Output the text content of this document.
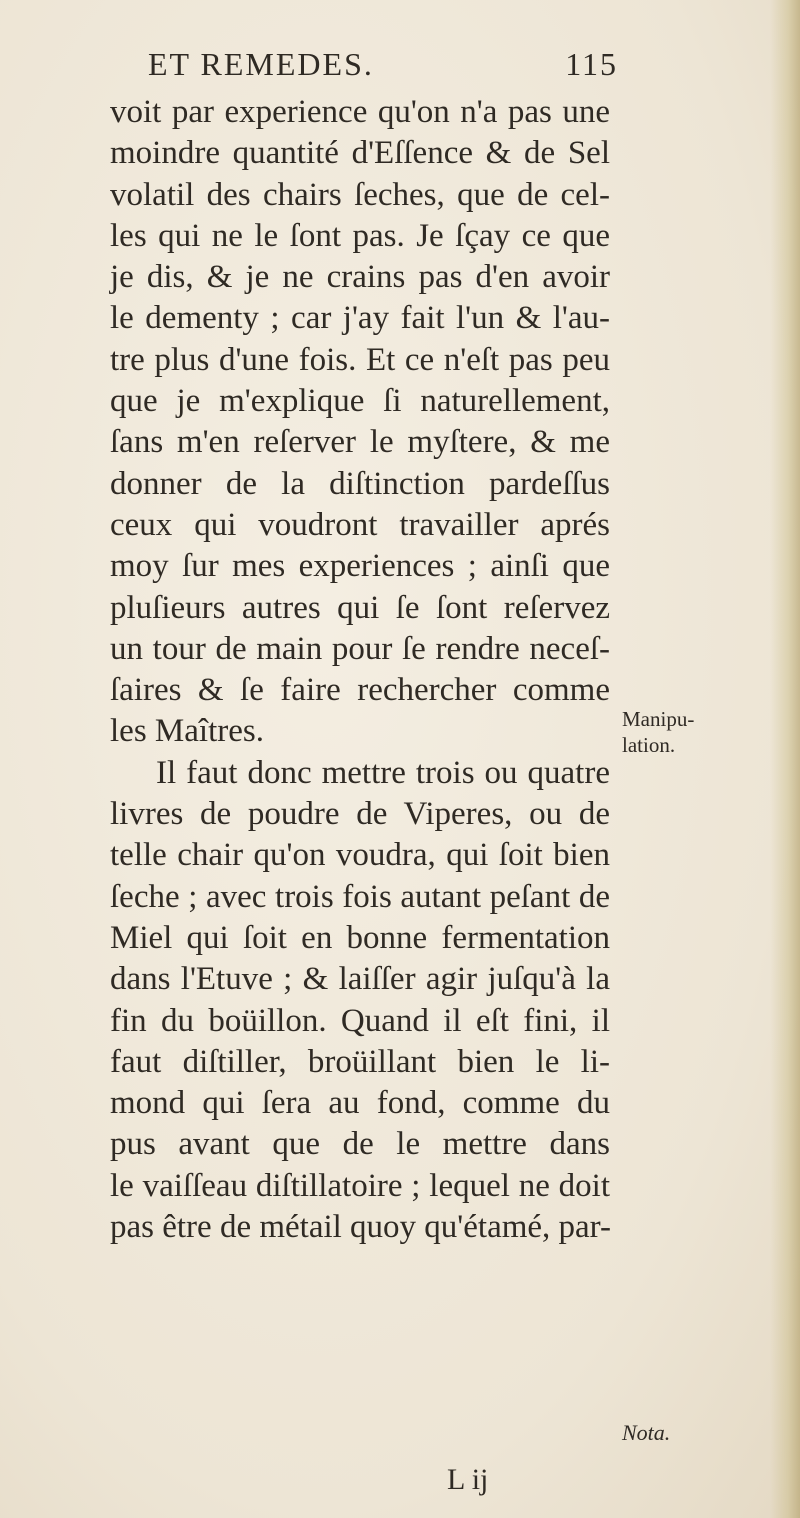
ET REMEDES.	115
voit par experience qu'on n'a pas une
moindre quantité d'Eſſence & de Sel
volatil des chairs ſeches, que de cel-
les qui ne le ſont pas. Je ſçay ce que
je dis, & je ne crains pas d'en avoir
le dementy ; car j'ay fait l'un & l'au-
tre plus d'une fois. Et ce n'eſt pas peu
que je m'explique ſi naturellement,
ſans m'en reſerver le myſtere, & me
donner de la diſtinction pardeſſus
ceux qui voudront travailler aprés
moy ſur mes experiences ; ainſi que
pluſieurs autres qui ſe ſont reſervez
un tour de main pour ſe rendre neceſ-
ſaires & ſe faire rechercher comme
les Maîtres.
Il faut donc mettre trois ou quatre
livres de poudre de Viperes, ou de
telle chair qu'on voudra, qui ſoit bien
ſeche ; avec trois fois autant peſant de
Miel qui ſoit en bonne fermentation
dans l'Etuve ; & laiſſer agir juſqu'à la
fin du boüillon. Quand il eſt fini, il
faut diſtiller, broüillant bien le li-
mond qui ſera au fond, comme du
pus avant que de le mettre dans
le vaiſſeau diſtillatoire ; lequel ne doit
pas être de métail quoy qu'étamé, par-
Manipu-
lation.
Nota.
L ij
